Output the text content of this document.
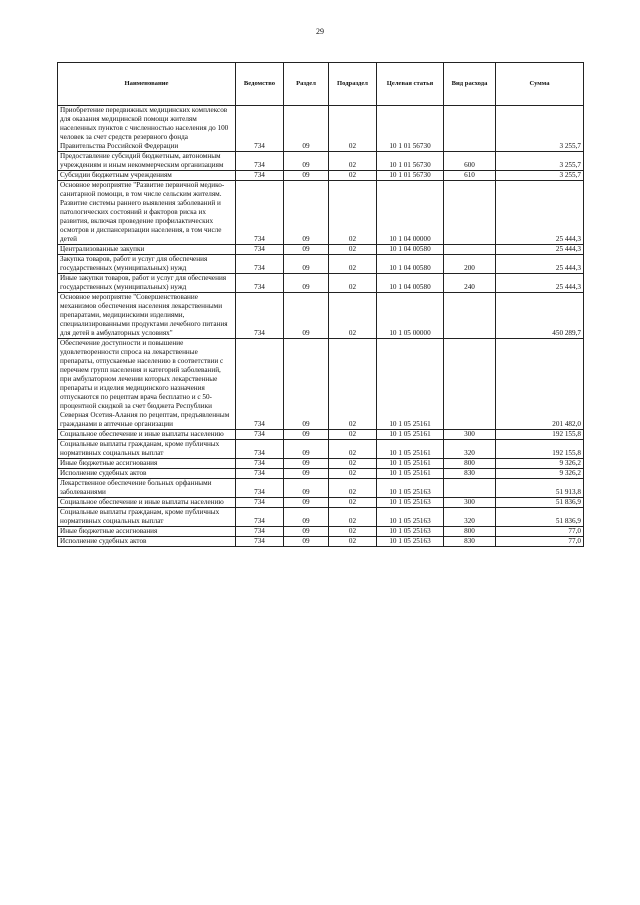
29
Наименование	Ведомство	Раздел	Подраздел	Целевая статья	Вид расхода	Сумма
Приобретение передвижных медицинских комплексов для оказания медицинской помощи жителям населенных пунктов с численностью населения до 100 человек за счет средств резервного фонда Правительства Российской Федерации	734	09	02	10 1 01 56730		3 255,7
Предоставление субсидий бюджетным, автономным учреждениям и иным некоммерческим организациям	734	09	02	10 1 01 56730	600	3 255,7
Субсидии бюджетным учреждениям	734	09	02	10 1 01 56730	610	3 255,7
Основное мероприятие "Развитие первичной медико-санитарной помощи, в том числе сельским жителям. Развитие системы раннего выявления заболеваний и патологических состояний и факторов риска их развития, включая проведение профилактических осмотров и диспансеризации населения, в том числе детей	734	09	02	10 1 04 00000		25 444,3
Централизованные закупки	734	09	02	10 1 04 00580		25 444,3
Закупка товаров, работ и услуг для обеспечения государственных (муниципальных) нужд	734	09	02	10 1 04 00580	200	25 444,3
Иные закупки товаров, работ и услуг для обеспечения государственных (муниципальных) нужд	734	09	02	10 1 04 00580	240	25 444,3
Основное мероприятие "Совершенствование механизмов обеспечения населения лекарственными препаратами, медицинскими изделиями, специализированными продуктами лечебного питания для детей в амбулаторных условиях"	734	09	02	10 1 05 00000		450 289,7
Обеспечение доступности и повышение удовлетворенности спроса на лекарственные препараты, отпускаемые населению в соответствии с перечнем групп населения и категорий заболеваний, при амбулаторном лечении которых лекарственные препараты и изделия медицинского назначения отпускаются по рецептам врача бесплатно и с 50-процентной скидкой за счет бюджета Республики Северная Осетия-Алания по рецептам, предъявленным гражданами в аптечные организации	734	09	02	10 1 05 25161		201 482,0
Социальное обеспечение и иные выплаты населению	734	09	02	10 1 05 25161	300	192 155,8
Социальные выплаты гражданам, кроме публичных нормативных социальных выплат	734	09	02	10 1 05 25161	320	192 155,8
Иные бюджетные ассигнования	734	09	02	10 1 05 25161	800	9 326,2
Исполнение судебных актов	734	09	02	10 1 05 25161	830	9 326,2
Лекарственное обеспечение больных орфанными заболеваниями	734	09	02	10 1 05 25163		51 913,8
Социальное обеспечение и иные выплаты населению	734	09	02	10 1 05 25163	300	51 836,9
Социальные выплаты гражданам, кроме публичных нормативных социальных выплат	734	09	02	10 1 05 25163	320	51 836,9
Иные бюджетные ассигнования	734	09	02	10 1 05 25163	800	77,0
Исполнение судебных актов	734	09	02	10 1 05 25163	830	77,0
